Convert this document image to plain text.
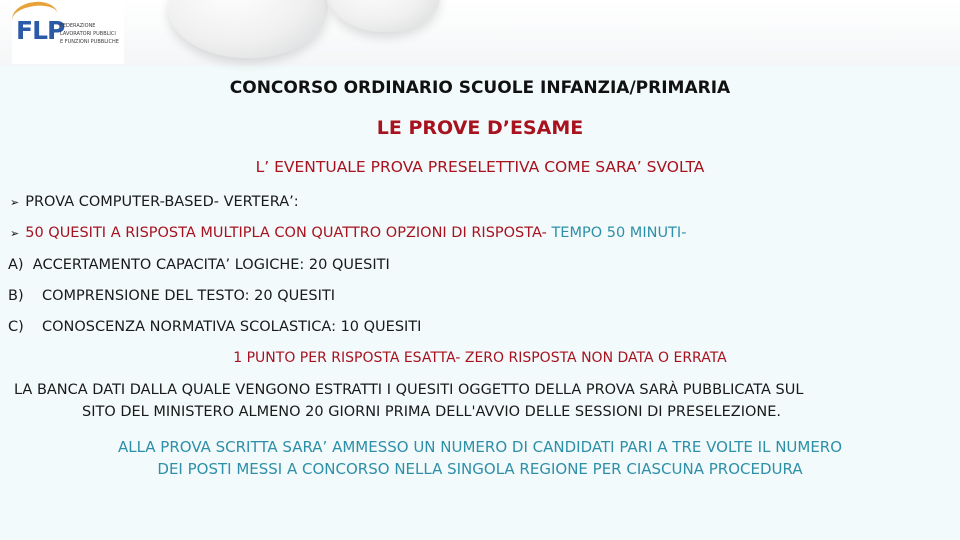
FLP
FEDERAZIONE
LAVORATORI PUBBLICI
E FUNZIONI PUBBLICHE
CONCORSO ORDINARIO SCUOLE INFANZIA/PRIMARIA
LE PROVE D’ESAME
L’ EVENTUALE PROVA PRESELETTIVA COME SARA’ SVOLTA
➢ PROVA COMPUTER-BASED- VERTERA’:
➢ 50 QUESITI A RISPOSTA MULTIPLA CON QUATTRO OPZIONI DI RISPOSTA- TEMPO 50 MINUTI-
A) ACCERTAMENTO CAPACITA’ LOGICHE: 20 QUESITI
B) COMPRENSIONE DEL TESTO: 20 QUESITI
C) CONOSCENZA NORMATIVA SCOLASTICA: 10 QUESITI
1 PUNTO PER RISPOSTA ESATTA- ZERO RISPOSTA NON DATA O ERRATA
LA BANCA DATI DALLA QUALE VENGONO ESTRATTI I QUESITI OGGETTO DELLA PROVA SARÀ PUBBLICATA SUL
SITO DEL MINISTERO ALMENO 20 GIORNI PRIMA DELL'AVVIO DELLE SESSIONI DI PRESELEZIONE.
ALLA PROVA SCRITTA SARA’ AMMESSO UN NUMERO DI CANDIDATI PARI A TRE VOLTE IL NUMERO
DEI POSTI MESSI A CONCORSO NELLA SINGOLA REGIONE PER CIASCUNA PROCEDURA
